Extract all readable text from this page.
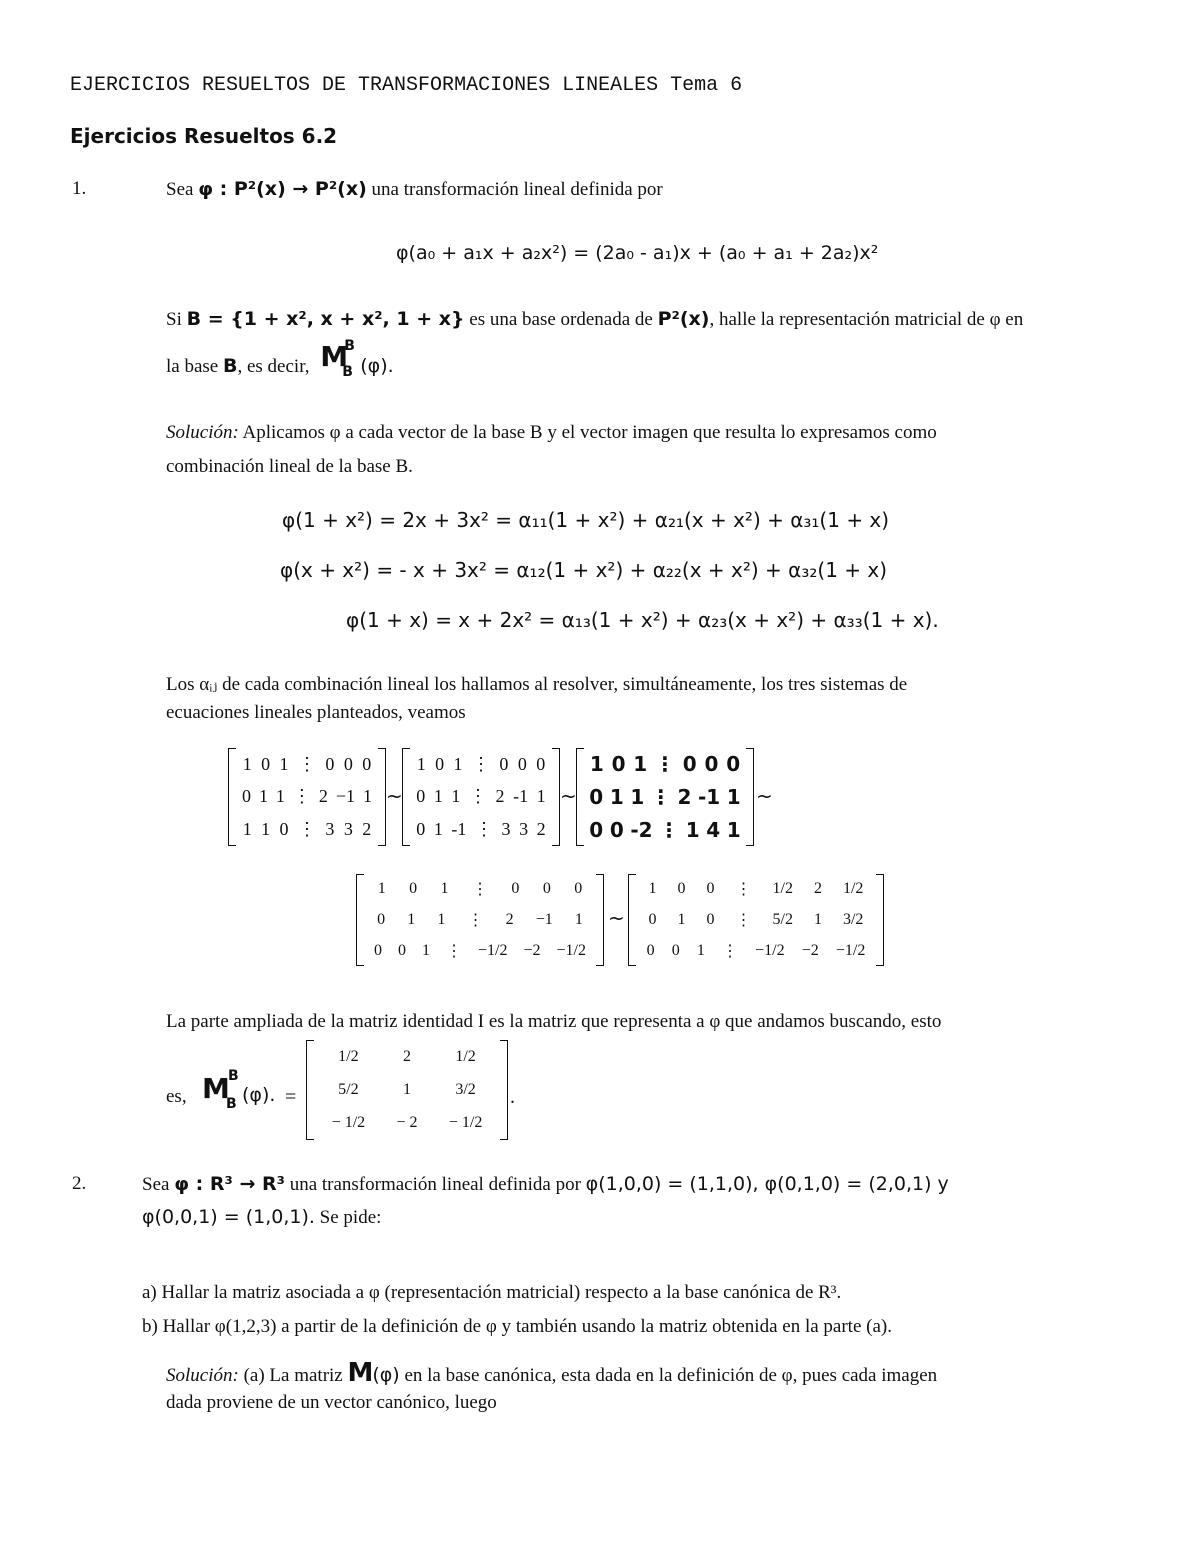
EJERCICIOS RESUELTOS DE TRANSFORMACIONES LINEALES Tema 6
Ejercicios Resueltos 6.2
1.	Sea φ : P²(x) → P²(x) una transformación lineal definida por
φ(a₀ + a₁x + a₂x²) = (2a₀ - a₁)x + (a₀ + a₁ + 2a₂)x²
Si B = {1 + x², x + x², 1 + x} es una base ordenada de P²(x), halle la representación matricial de φ en
la base B, es decir, M
B
B (φ).
Solución: Aplicamos φ a cada vector de la base B y el vector imagen que resulta lo expresamos como
combinación lineal de la base B.
φ(1 + x²) = 2x + 3x² = α₁₁(1 + x²) + α₂₁(x + x²) + α₃₁(1 + x)
φ(x + x²) = - x + 3x² = α₁₂(1 + x²) + α₂₂(x + x²) + α₃₂(1 + x)
φ(1 + x) = x + 2x² = α₁₃(1 + x²) + α₂₃(x + x²) + α₃₃(1 + x).
Los αᵢⱼ de cada combinación lineal los hallamos al resolver, simultáneamente, los tres sistemas de
ecuaciones lineales planteados, veamos
1 0 1 ⋮ 0 0 0
0 1 1 ⋮ 2 −1 1
1 1 0 ⋮ 3 3 2
~
1 0 1 ⋮ 0 0 0
0 1 1 ⋮ 2 -1 1
0 1 -1 ⋮ 3 3 2
~
1 0 1 ⋮ 0 0 0
0 1 1 ⋮ 2 -1 1
0 0 -2 ⋮ 1 4 1
~
1 0 1 ⋮ 0 0 0
0 1 1 ⋮ 2 −1 1
0 0 1 ⋮ −1/2 −2 −1/2
~
1 0 0 ⋮ 1/2 2 1/2
0 1 0 ⋮ 5/2 1 3/2
0 0 1 ⋮ −1/2 −2 −1/2
La parte ampliada de la matriz identidad I es la matriz que representa a φ que andamos buscando, esto
es, M B
B (φ). =
1/2	2	1/2
5/2	1	3/2
− 1/2 − 2 − 1/2
.
2.	Sea φ : R³ → R³ una transformación lineal definida por φ(1,0,0) = (1,1,0), φ(0,1,0) = (2,0,1) y
φ(0,0,1) = (1,0,1). Se pide:
a) Hallar la matriz asociada a φ (representación matricial) respecto a la base canónica de R³.
b) Hallar φ(1,2,3) a partir de la definición de φ y también usando la matriz obtenida en la parte (a).
Solución: (a) La matriz M(φ) en la base canónica, esta dada en la definición de φ, pues cada imagen
dada proviene de un vector canónico, luego
